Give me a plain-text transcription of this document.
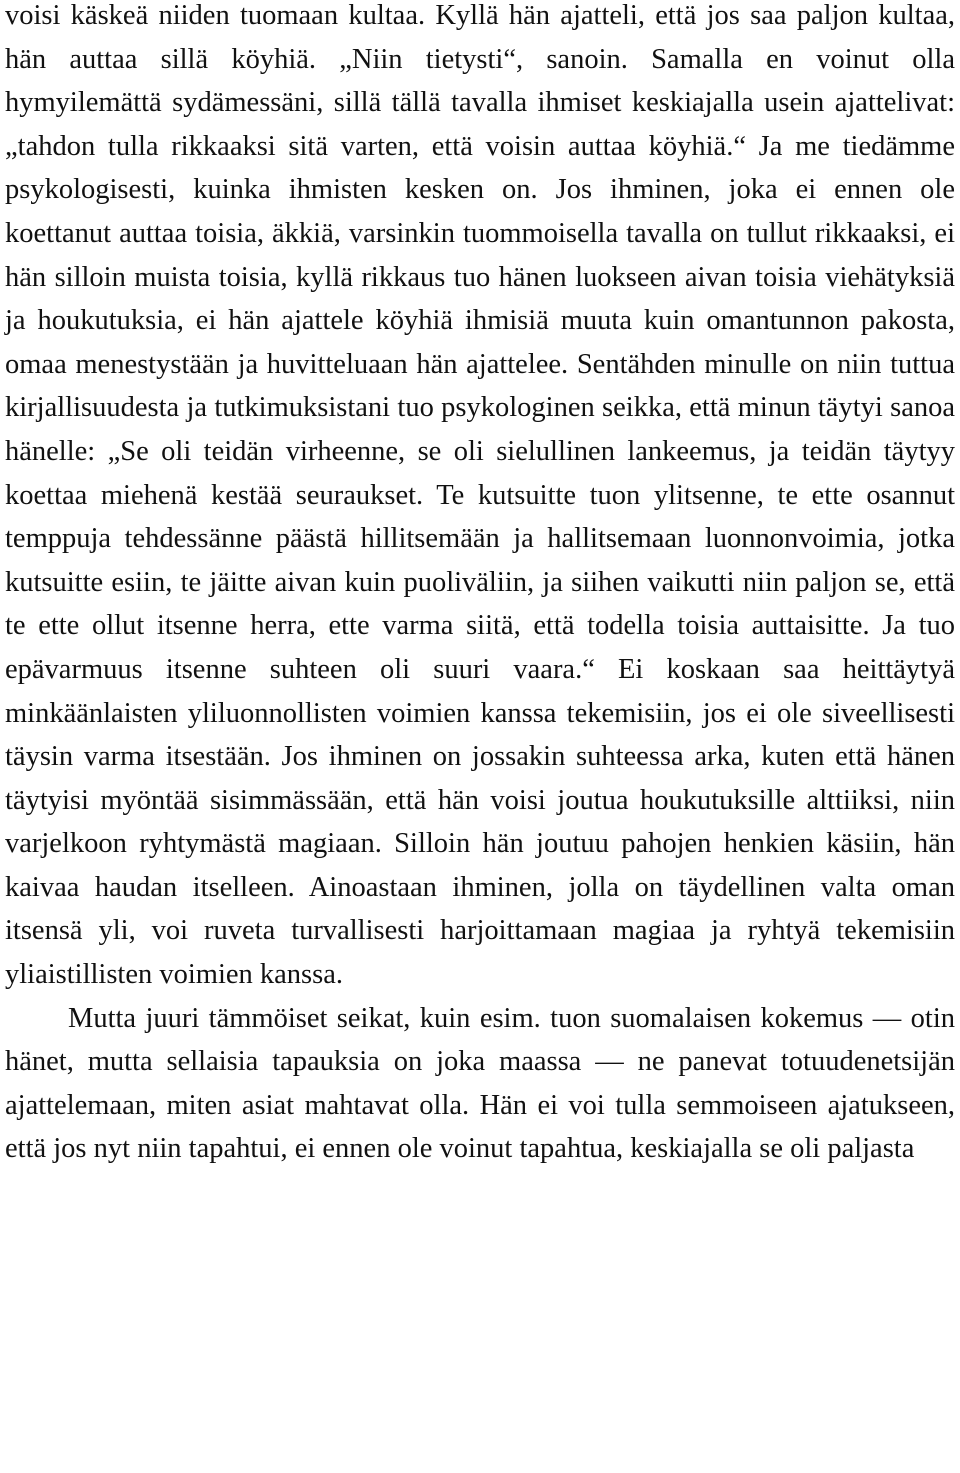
voisi käskeä niiden tuomaan kultaa. Kyllä hän ajatteli, että jos saa paljon kultaa, hän auttaa sillä köyhiä. „Niin tietysti“, sanoin. Samalla en voinut olla hymyilemättä sydämessäni, sillä tällä tavalla ihmiset keskiajalla usein ajattelivat: „tahdon tulla rikkaaksi sitä varten, että voisin auttaa köyhiä.“ Ja me tiedämme psykologisesti, kuinka ihmisten kesken on. Jos ihminen, joka ei ennen ole koettanut auttaa toisia, äkkiä, varsinkin tuommoisella tavalla on tullut rikkaaksi, ei hän silloin muista toisia, kyllä rikkaus tuo hänen luokseen aivan toisia viehätyksiä ja houkutuksia, ei hän ajattele köyhiä ihmisiä muuta kuin omantunnon pakosta, omaa menestystään ja huvitteluaan hän ajattelee. Sentähden minulle on niin tuttua kirjallisuudesta ja tutkimuksistani tuo psykologinen seikka, että minun täytyi sanoa hänelle: „Se oli teidän virheenne, se oli sielullinen lankeemus, ja teidän täytyy koettaa miehenä kestää seuraukset. Te kutsuitte tuon ylitsenne, te ette osannut temppuja tehdessänne päästä hillitsemään ja hallitsemaan luonnonvoimia, jotka kutsuitte esiin, te jäitte aivan kuin puoliväliin, ja siihen vaikutti niin paljon se, että te ette ollut itsenne herra, ette varma siitä, että todella toisia auttaisitte. Ja tuo epävarmuus itsenne suhteen oli suuri vaara.“ Ei koskaan saa heittäytyä minkäänlaisten yliluonnollisten voimien kanssa tekemisiin, jos ei ole siveellisesti täysin varma itsestään. Jos ihminen on jossakin suhteessa arka, kuten että hänen täytyisi myöntää sisimmässään, että hän voisi joutua houkutuksille alttiiksi, niin varjelkoon ryhtymästä magiaan. Silloin hän joutuu pahojen henkien käsiin, hän kaivaa haudan itselleen. Ainoastaan ihminen, jolla on täydellinen valta oman itsensä yli, voi ruveta turvallisesti harjoittamaan magiaa ja ryhtyä tekemisiin yliaistillisten voimien kanssa.

Mutta juuri tämmöiset seikat, kuin esim. tuon suomalaisen kokemus — otin hänet, mutta sellaisia tapauksia on joka maassa — ne panevat totuudenetsijän ajattelemaan, miten asiat mahtavat olla. Hän ei voi tulla semmoiseen ajatukseen, että jos nyt niin tapahtui, ei ennen ole voinut tapahtua, keskiajalla se oli paljasta
